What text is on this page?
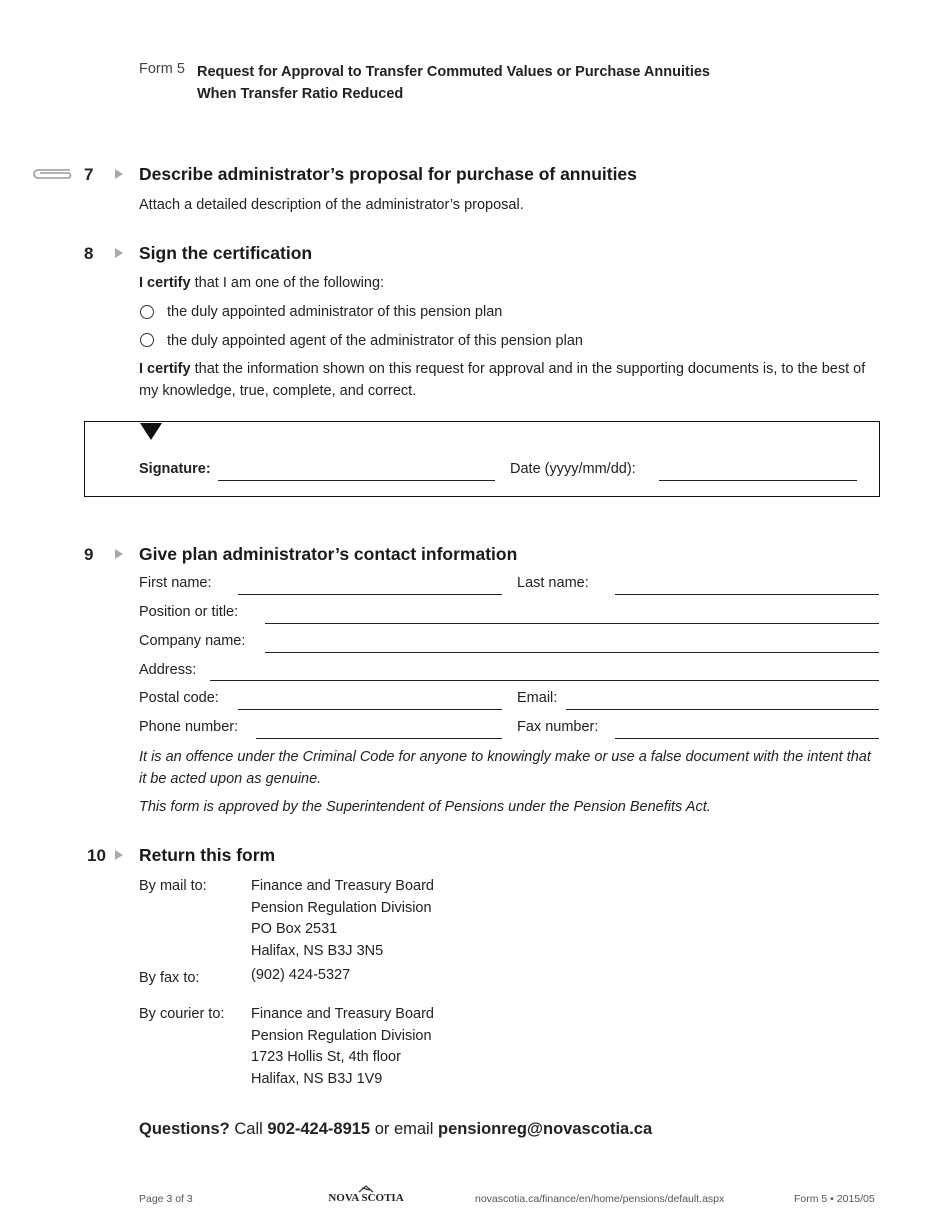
Form 5 Request for Approval to Transfer Commuted Values or Purchase Annuities
When Transfer Ratio Reduced
7	Describe administrator’s proposal for purchase of annuities
Attach a detailed description of the administrator’s proposal.
8	Sign the certification
I certify that I am one of the following:
the duly appointed administrator of this pension plan
the duly appointed agent of the administrator of this pension plan
I certify that the information shown on this request for approval and in the supporting documents is, to the best of my knowledge, true, complete, and correct.
Signature:	Date (yyyy/mm/dd):
9	Give plan administrator’s contact information
First name:	Last name:
Position or title:
Company name:
Address:
Postal code:	Email:
Phone number:	Fax number:
It is an offence under the Criminal Code for anyone to knowingly make or use a false document with the intent that it be acted upon as genuine.
This form is approved by the Superintendent of Pensions under the Pension Benefits Act.
10 Return this form
By mail to:	Finance and Treasury Board
Pension Regulation Division
PO Box 2531
Halifax, NS B3J 3N5
By fax to:	(902) 424-5327
By courier to: Finance and Treasury Board
Pension Regulation Division
1723 Hollis St, 4th floor
Halifax, NS B3J 1V9
Questions? Call 902-424-8915 or email pensionreg@novascotia.ca
Page 3 of 3	NOVA SCOTIA	novascotia.ca/finance/en/home/pensions/default.aspx	Form 5 • 2015/05
